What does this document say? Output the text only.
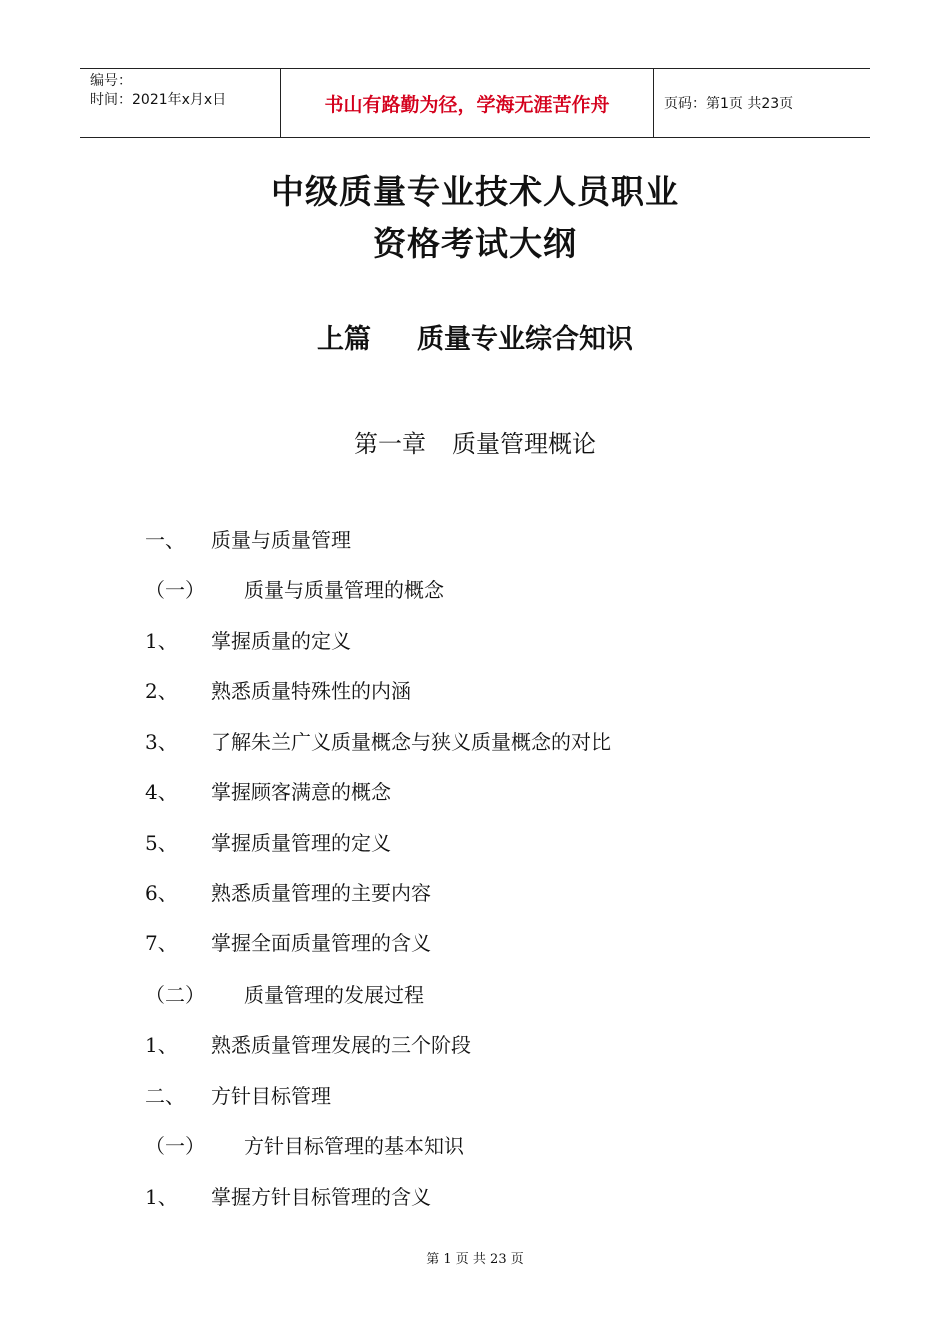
编号：
时间：2021年x月x日	书山有路勤为径，学海无涯苦作舟	页码：第1页 共23页
中级质量专业技术人员职业
资格考试大纲
上篇 质量专业综合知识
第一章 质量管理概论
一、 质量与质量管理
（一） 质量与质量管理的概念
1、 掌握质量的定义
2、 熟悉质量特殊性的内涵
3、 了解朱兰广义质量概念与狭义质量概念的对比
4、 掌握顾客满意的概念
5、 掌握质量管理的定义
6、 熟悉质量管理的主要内容
7、 掌握全面质量管理的含义
（二） 质量管理的发展过程
1、 熟悉质量管理发展的三个阶段
二、 方针目标管理
（一） 方针目标管理的基本知识
1、 掌握方针目标管理的含义
第 1 页 共 23 页
